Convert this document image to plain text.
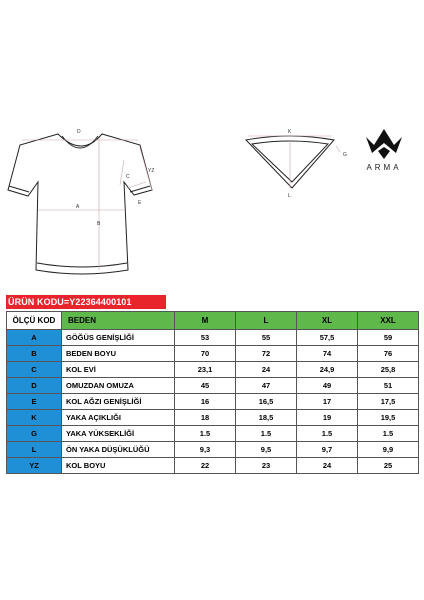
D
A
B
C
E
YZ
K
L
G
ARMA
ÜRÜN KODU=Y22364400101
ÖLÇÜ KOD	BEDEN	M	L	XL	XXL
A	GÖĞÜS GENİŞLİĞİ	53	55	57,5	59
B	BEDEN BOYU	70	72	74	76
C	KOL EVİ	23,1	24	24,9	25,8
D	OMUZDAN OMUZA	45	47	49	51
E	KOL AĞZI GENİŞLİĞİ	16	16,5	17	17,5
K	YAKA AÇIKLIĞI	18	18,5	19	19,5
G	YAKA YÜKSEKLİĞİ	1.5	1.5	1.5	1.5
L	ÖN YAKA DÜŞÜKLÜĞÜ	9,3	9,5	9,7	9,9
YZ	KOL BOYU	22	23	24	25
